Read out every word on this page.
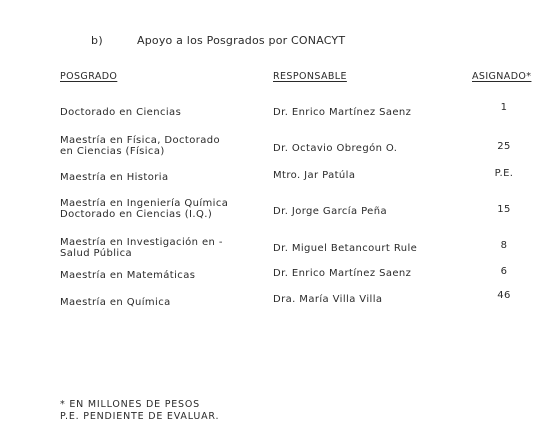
b)	Apoyo a los Posgrados por CONACYT
POSGRADO	RESPONSABLE	ASIGNADO*
Doctorado en Ciencias	Dr. Enrico Martínez Saenz	1
Maestría en Física, Doctorado
en Ciencias (Física)	Dr. Octavio Obregón O.	25
Maestría en Historia	Mtro. Jar Patúla	P.E.
Maestría en Ingeniería Química
Doctorado en Ciencias (I.Q.)	Dr. Jorge García Peña	15
Maestría en Investigación en -
Salud Pública	Dr. Miguel Betancourt Rule	8
Maestría en Matemáticas	Dr. Enrico Martínez Saenz	6
Maestría en Química	Dra. María Villa Villa	46
* EN MILLONES DE PESOS
P.E. PENDIENTE DE EVALUAR.
